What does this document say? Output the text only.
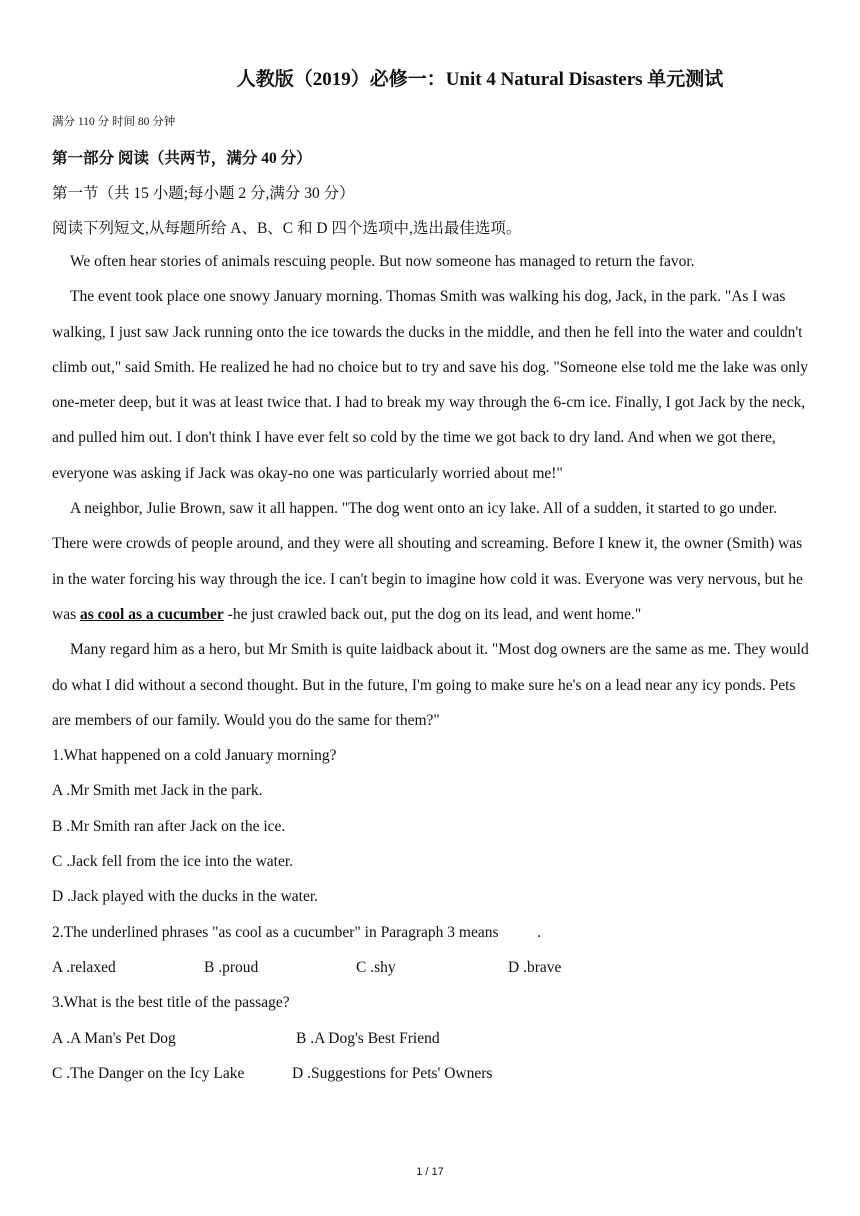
人教版（2019）必修一：Unit 4 Natural Disasters 单元测试
满分 110 分 时间 80 分钟
第一部分 阅读（共两节，满分 40 分）
第一节（共 15 小题;每小题 2 分,满分 30 分）
阅读下列短文,从每题所给 A、B、C 和 D 四个选项中,选出最佳选项。

We often hear stories of animals rescuing people. But now someone has managed to return the favor.

The event took place one snowy January morning. Thomas Smith was walking his dog, Jack, in the park. "As I was walking, I just saw Jack running onto the ice towards the ducks in the middle, and then he fell into the water and couldn't climb out," said Smith. He realized he had no choice but to try and save his dog. "Someone else told me the lake was only one-meter deep, but it was at least twice that. I had to break my way through the 6-cm ice. Finally, I got Jack by the neck, and pulled him out. I don't think I have ever felt so cold by the time we got back to dry land. And when we got there, everyone was asking if Jack was okay-no one was particularly worried about me!"

A neighbor, Julie Brown, saw it all happen. "The dog went onto an icy lake. All of a sudden, it started to go under. There were crowds of people around, and they were all shouting and screaming. Before I knew it, the owner (Smith) was in the water forcing his way through the ice. I can't begin to imagine how cold it was. Everyone was very nervous, but he was as cool as a cucumber -he just crawled back out, put the dog on its lead, and went home."

Many regard him as a hero, but Mr Smith is quite laidback about it. "Most dog owners are the same as me. They would do what I did without a second thought. But in the future, I'm going to make sure he's on a lead near any icy ponds. Pets are members of our family. Would you do the same for them?"

1.What happened on a cold January morning?
A .Mr Smith met Jack in the park.
B .Mr Smith ran after Jack on the ice.
C .Jack fell from the ice into the water.
D .Jack played with the ducks in the water.
2.The underlined phrases "as cool as a cucumber" in Paragraph 3 means          .
A .relaxed	B .proud	C .shy	D .brave
3.What is the best title of the passage?
A .A Man's Pet Dog	B .A Dog's Best Friend
C .The Danger on the Icy Lake	D .Suggestions for Pets' Owners
1 / 17
